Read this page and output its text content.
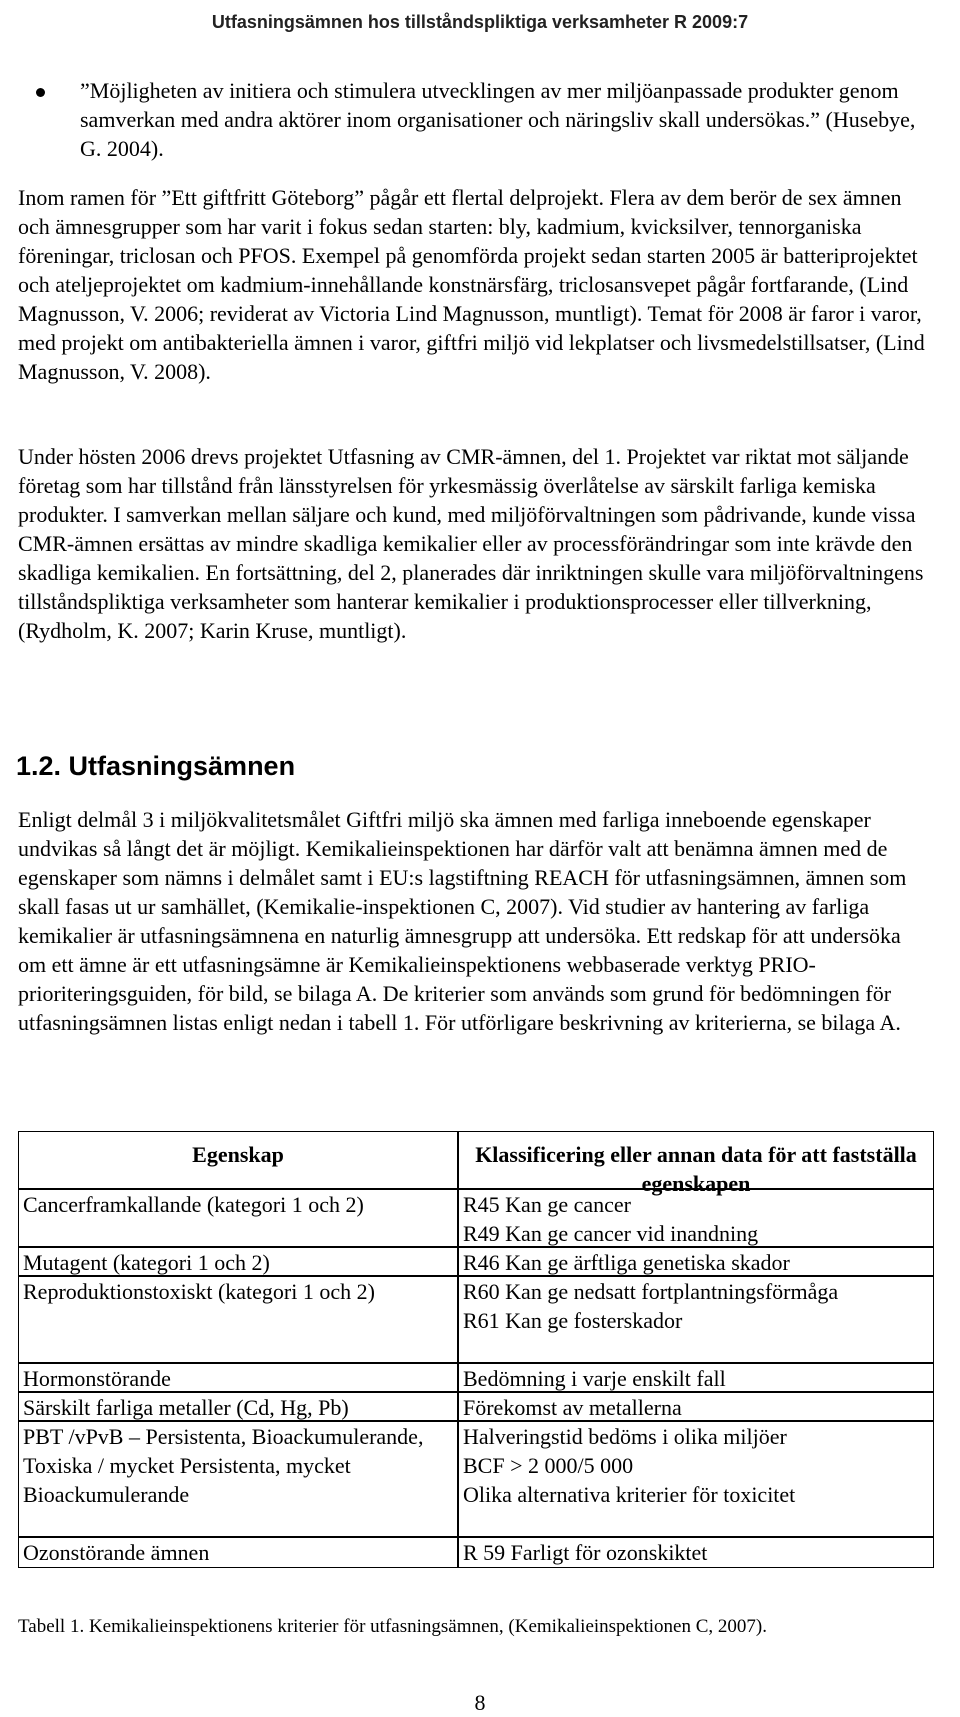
Utfasningsämnen hos tillståndspliktiga verksamheter R 2009:7
”Möjligheten av initiera och stimulera utvecklingen av mer miljöanpassade produkter genom samverkan med andra aktörer inom organisationer och näringsliv skall undersökas.” (Husebye, G. 2004).

Inom ramen för ”Ett giftfritt Göteborg” pågår ett flertal delprojekt. Flera av dem berör de sex ämnen och ämnesgrupper som har varit i fokus sedan starten: bly, kadmium, kvicksilver, tennorganiska föreningar, triclosan och PFOS. Exempel på genomförda projekt sedan starten 2005 är batteriprojektet och ateljeprojektet om kadmium-innehållande konstnärsfärg, triclosansvepet pågår fortfarande, (Lind Magnusson, V. 2006; reviderat av Victoria Lind Magnusson, muntligt). Temat för 2008 är faror i varor, med projekt om antibakteriella ämnen i varor, giftfri miljö vid lekplatser och livsmedelstillsatser, (Lind Magnusson, V. 2008).

Under hösten 2006 drevs projektet Utfasning av CMR-ämnen, del 1. Projektet var riktat mot säljande företag som har tillstånd från länsstyrelsen för yrkesmässig överlåtelse av särskilt farliga kemiska produkter. I samverkan mellan säljare och kund, med miljöförvaltningen som pådrivande, kunde vissa CMR-ämnen ersättas av mindre skadliga kemikalier eller av processförändringar som inte krävde den skadliga kemikalien. En fortsättning, del 2, planerades där inriktningen skulle vara miljöförvaltningens tillståndspliktiga verksamheter som hanterar kemikalier i produktionsprocesser eller tillverkning, (Rydholm, K. 2007; Karin Kruse, muntligt).

1.2. Utfasningsämnen

Enligt delmål 3 i miljökvalitetsmålet Giftfri miljö ska ämnen med farliga inneboende egenskaper undvikas så långt det är möjligt. Kemikalieinspektionen har därför valt att benämna ämnen med de egenskaper som nämns i delmålet samt i EU:s lagstiftning REACH för utfasningsämnen, ämnen som skall fasas ut ur samhället, (Kemikalie-inspektionen C, 2007). Vid studier av hantering av farliga kemikalier är utfasningsämnena en naturlig ämnesgrupp att undersöka. Ett redskap för att undersöka om ett ämne är ett utfasningsämne är Kemikalieinspektionens webbaserade verktyg PRIO-prioriteringsguiden, för bild, se bilaga A. De kriterier som används som grund för bedömningen för utfasningsämnen listas enligt nedan i tabell 1. För utförligare beskrivning av kriterierna, se bilaga A.

Egenskap	Klassificering eller annan data för att fastställa egenskapen

Cancerframkallande (kategori 1 och 2)	R45 Kan ge cancer
R49 Kan ge cancer vid inandning

Mutagent (kategori 1 och 2)	R46 Kan ge ärftliga genetiska skador

Reproduktionstoxiskt (kategori 1 och 2)	R60 Kan ge nedsatt fortplantningsförmåga
R61 Kan ge fosterskador

Hormonstörande	Bedömning i varje enskilt fall

Särskilt farliga metaller (Cd, Hg, Pb)	Förekomst av metallerna

PBT /vPvB – Persistenta, Bioackumulerande, Toxiska / mycket Persistenta, mycket Bioackumulerande	Halveringstid bedöms i olika miljöer
BCF > 2 000/5 000
Olika alternativa kriterier för toxicitet

Ozonstörande ämnen	R 59 Farligt för ozonskiktet
Tabell 1. Kemikalieinspektionens kriterier för utfasningsämnen, (Kemikalieinspektionen C, 2007).
8
